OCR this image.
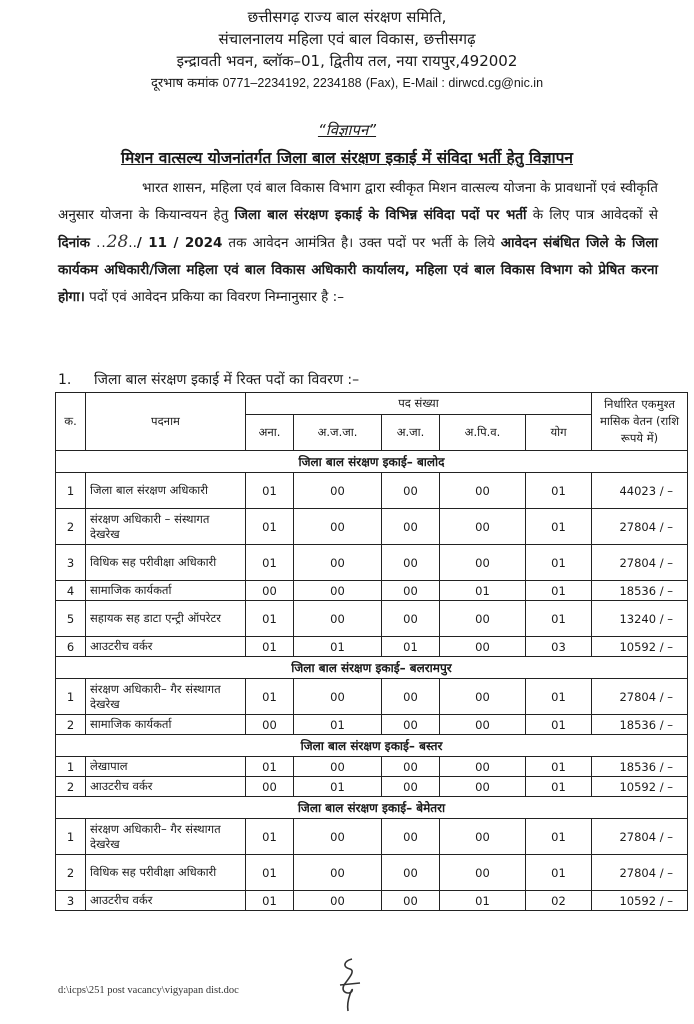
छत्तीसगढ़ राज्य बाल संरक्षण समिति,
संचालनालय महिला एवं बाल विकास, छत्तीसगढ़
इन्द्रावती भवन, ब्लॉक–01, द्वितीय तल, नया रायपुर,492002
दूरभाष कमांक 0771–2234192, 2234188 (Fax), E-Mail : dirwcd.cg@nic.in
“विज्ञापन”
मिशन वात्सल्य योजनांतर्गत जिला बाल संरक्षण इकाई में संविदा भर्ती हेतु विज्ञापन
भारत शासन, महिला एवं बाल विकास विभाग द्वारा स्वीकृत मिशन वात्सल्य योजना के प्रावधानों एवं स्वीकृति अनुसार योजना के कियान्वयन हेतु जिला बाल संरक्षण इकाई के विभिन्न संविदा पदों पर भर्ती के लिए पात्र आवेदकों से दिनांक ..28../ 11 / 2024 तक आवेदन आमंत्रित है। उक्त पदों पर भर्ती के लिये आवेदन संबंधित जिले के जिला कार्यकम अधिकारी/जिला महिला एवं बाल विकास अधिकारी कार्यालय, महिला एवं बाल विकास विभाग को प्रेषित करना होगा। पदों एवं आवेदन प्रकिया का विवरण निम्नानुसार है :–
1. जिला बाल संरक्षण इकाई में रिक्त पदों का विवरण :–
क.	पदनाम	पद संख्या					निर्धारित एकमुश्त मासिक वेतन (राशि रूपये में)
		अना.	अ.ज.जा.	अ.जा.	अ.पि.व.	योग	
जिला बाल संरक्षण इकाई– बालोद							
1	जिला बाल संरक्षण अधिकारी	01	00	00	00	01	44023 / –
2	संरक्षण अधिकारी – संस्थागत देखरेख	01	00	00	00	01	27804 / –
3	विधिक सह परीवीक्षा अधिकारी	01	00	00	00	01	27804 / –
4	सामाजिक कार्यकर्ता	00	00	00	01	01	18536 / –
5	सहायक सह डाटा एन्ट्री ऑपरेटर	01	00	00	00	01	13240 / –
6	आउटरीच वर्कर	01	01	01	00	03	10592 / –
जिला बाल संरक्षण इकाई– बलरामपुर							
1	संरक्षण अधिकारी– गैर संस्थागत देखरेख	01	00	00	00	01	27804 / –
2	सामाजिक कार्यकर्ता	00	01	00	00	01	18536 / –
जिला बाल संरक्षण इकाई– बस्तर							
1	लेखापाल	01	00	00	00	01	18536 / –
2	आउटरीच वर्कर	00	01	00	00	01	10592 / –
जिला बाल संरक्षण इकाई– बेमेतरा							
1	संरक्षण अधिकारी– गैर संस्थागत देखरेख	01	00	00	00	01	27804 / –
2	विधिक सह परीवीक्षा अधिकारी	01	00	00	00	01	27804 / –
3	आउटरीच वर्कर	01	00	00	01	02	10592 / –
d:\icps\251 post vacancy\vigyapan dist.doc
